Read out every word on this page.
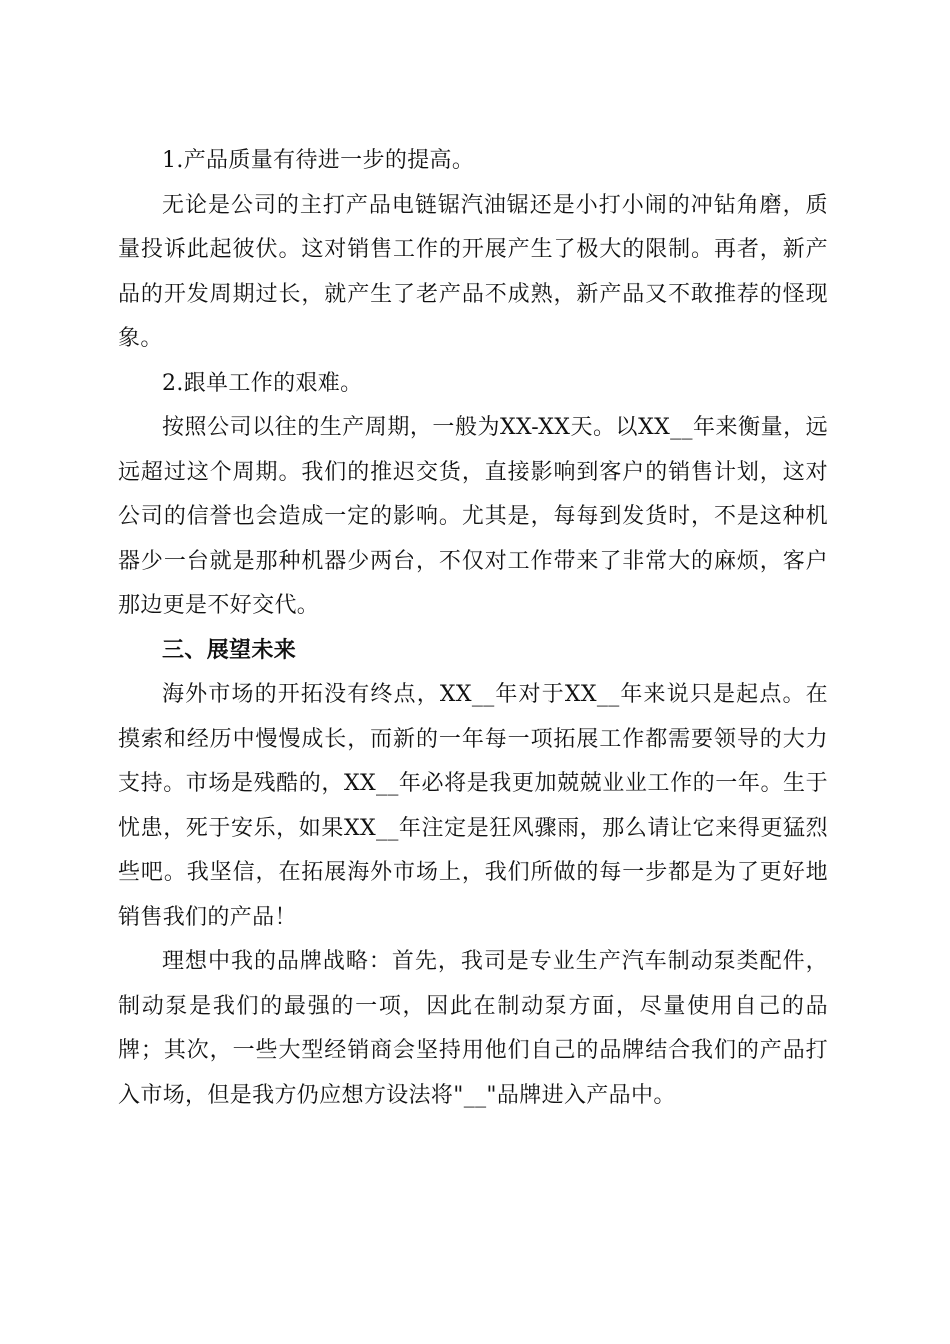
1.产品质量有待进一步的提高。

无论是公司的主打产品电链锯汽油锯还是小打小闹的冲钻角磨，质量投诉此起彼伏。这对销售工作的开展产生了极大的限制。再者，新产品的开发周期过长，就产生了老产品不成熟，新产品又不敢推荐的怪现象。

2.跟单工作的艰难。

按照公司以往的生产周期，一般为XX-XX天。以XX__年来衡量，远远超过这个周期。我们的推迟交货，直接影响到客户的销售计划，这对公司的信誉也会造成一定的影响。尤其是，每每到发货时，不是这种机器少一台就是那种机器少两台，不仅对工作带来了非常大的麻烦，客户那边更是不好交代。

三、展望未来

海外市场的开拓没有终点，XX__年对于XX__年来说只是起点。在摸索和经历中慢慢成长，而新的一年每一项拓展工作都需要领导的大力支持。市场是残酷的，XX__年必将是我更加兢兢业业工作的一年。生于忧患，死于安乐，如果XX__年注定是狂风骤雨，那么请让它来得更猛烈些吧。我坚信，在拓展海外市场上，我们所做的每一步都是为了更好地销售我们的产品！

理想中我的品牌战略：首先，我司是专业生产汽车制动泵类配件，制动泵是我们的最强的一项，因此在制动泵方面，尽量使用自己的品牌；其次，一些大型经销商会坚持用他们自己的品牌结合我们的产品打入市场，但是我方仍应想方设法将"__"品牌进入产品中。
